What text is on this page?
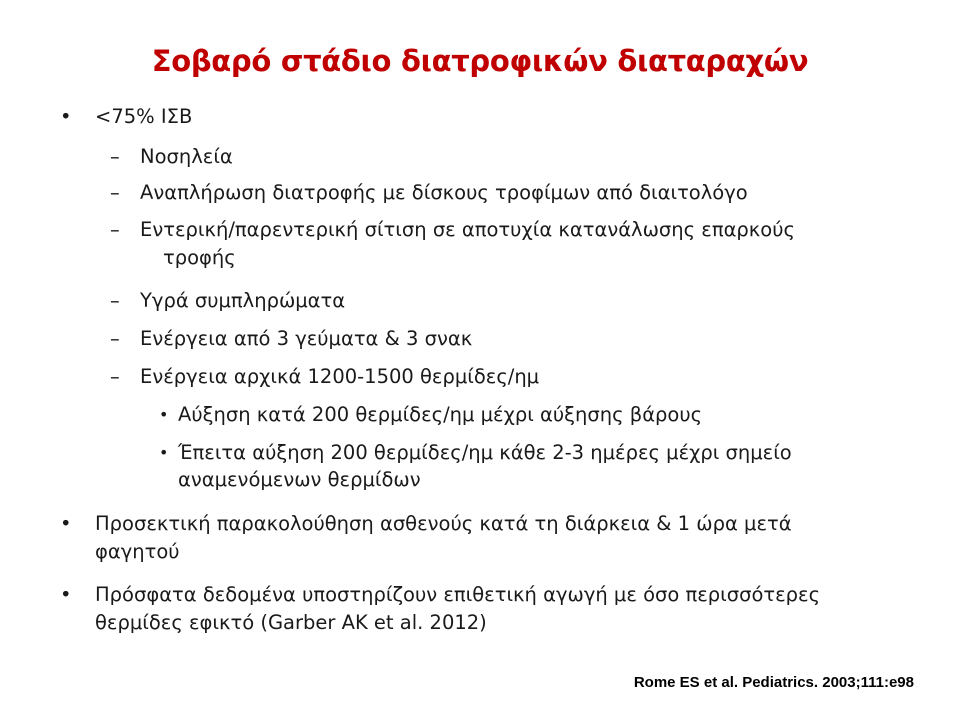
Σοβαρό στάδιο διατροφικών διαταραχών
• <75% ΙΣΒ
– Νοσηλεία
– Αναπλήρωση διατροφής με δίσκους τροφίμων από διαιτολόγο
– Εντερική/παρεντερική σίτιση σε αποτυχία κατανάλωσης επαρκούς
τροφής
– Υγρά συμπληρώματα
– Ενέργεια από 3 γεύματα & 3 σνακ
– Ενέργεια αρχικά 1200-1500 θερμίδες/ημ
• Αύξηση κατά 200 θερμίδες/ημ μέχρι αύξησης βάρους
• Έπειτα αύξηση 200 θερμίδες/ημ κάθε 2-3 ημέρες μέχρι σημείο
αναμενόμενων θερμίδων
• Προσεκτική παρακολούθηση ασθενούς κατά τη διάρκεια & 1 ώρα μετά
φαγητού
• Πρόσφατα δεδομένα υποστηρίζουν επιθετική αγωγή με όσο περισσότερες
θερμίδες εφικτό (Garber AK et al. 2012)
Rome ES et al. Pediatrics. 2003;111:e98
